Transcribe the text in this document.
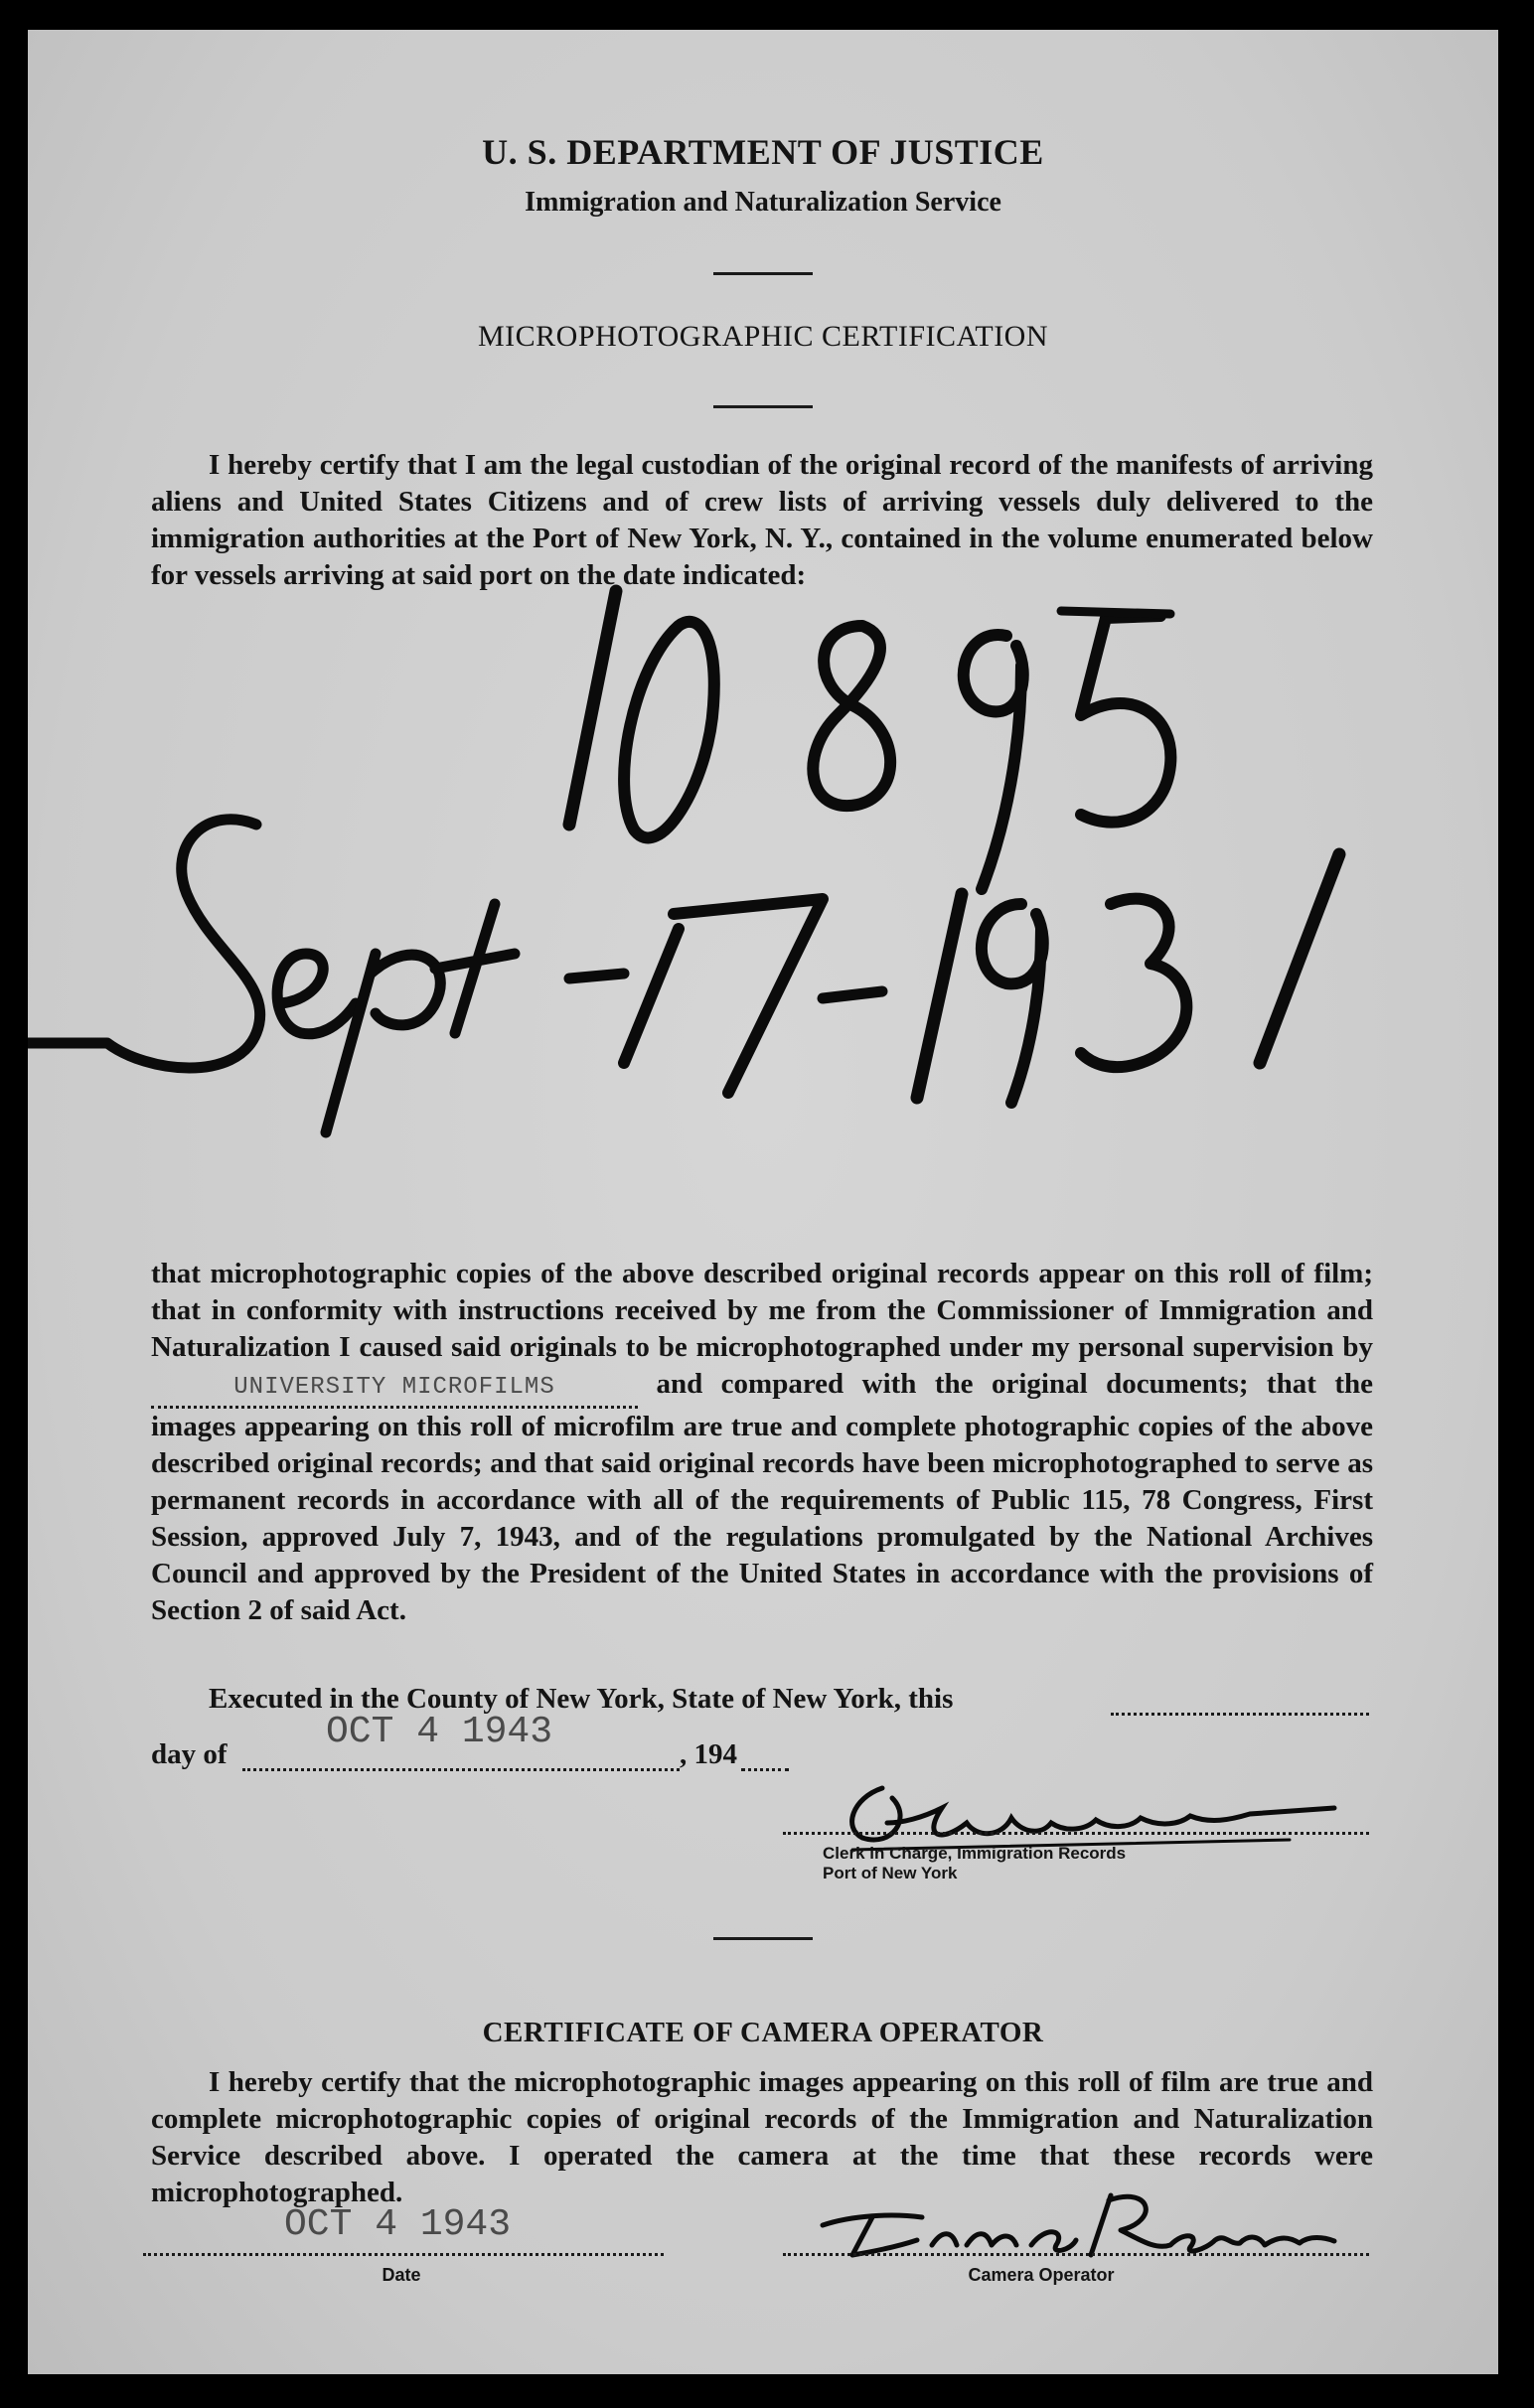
U. S. DEPARTMENT OF JUSTICE
Immigration and Naturalization Service
MICROPHOTOGRAPHIC CERTIFICATION
I hereby certify that I am the legal custodian of the original record of the manifests of arriving aliens and United States Citizens and of crew lists of arriving vessels duly delivered to the immigration authorities at the Port of New York, N. Y., contained in the volume enumerated below for vessels arriving at said port on the date indicated:
that microphotographic copies of the above described original records appear on this roll of film; that in conformity with instructions received by me from the Commissioner of Immigration and Naturalization I caused said originals to be microphotographed under my personal supervision by UNIVERSITY MICROFILMS	and compared with the original documents; that the images appearing on this roll of microfilm are true and complete photographic copies of the above described original records; and that said original records have been microphotographed to serve as permanent records in accordance with all of the requirements of Public 115, 78 Congress, First Session, approved July 7, 1943, and of the regulations promulgated by the National Archives Council and approved by the President of the United States in accordance with the provisions of Section 2 of said Act.
Executed in the County of New York, State of New York, this
day of
OCT 4 1943
, 194
Clerk in Charge, Immigration Records
Port of New York
CERTIFICATE OF CAMERA OPERATOR
I hereby certify that the microphotographic images appearing on this roll of film are true and complete microphotographic copies of original records of the Immigration and Naturalization Service described above. I operated the camera at the time that these records were microphotographed.
OCT 4 1943
Date	Camera Operator
